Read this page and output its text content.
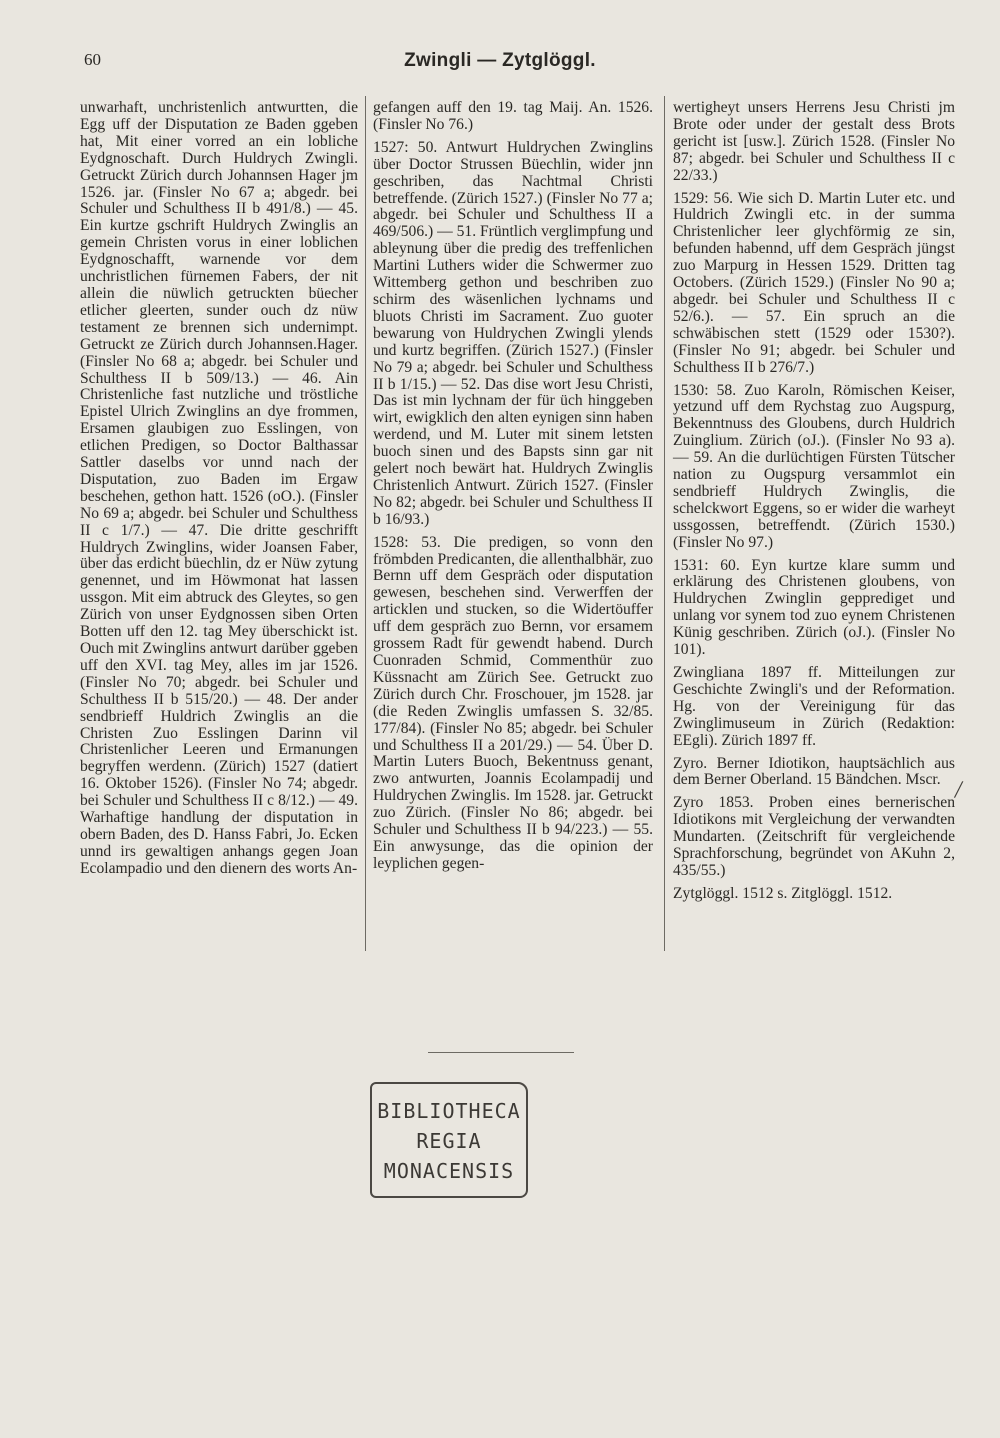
60	Zwingli — Zytglöggl.

unwarhaft, unchristenlich antwurtten, die Egg uff der Disputation ze Baden ggeben hat, Mit einer vorred an ein lobliche Eydgnoschaft. Durch Huldrych Zwingli. Getruckt Zürich durch Johannsen Hager jm 1526. jar. (Finsler No 67 a; abgedr. bei Schuler und Schulthess II b 491/8.) — 45. Ein kurtze gschrift Huldrych Zwinglis an gemein Christen vorus in einer loblichen Eydgnoschafft, warnende vor dem unchristlichen fürnemen Fabers, der nit allein die nüwlich getruckten büecher etlicher gleerten, sunder ouch dz nüw testament ze brennen sich undernimpt. Getruckt ze Zürich durch Johannsen.Hager. (Finsler No 68 a; abgedr. bei Schuler und Schulthess II b 509/13.) — 46. Ain Christenliche fast nutzliche und tröstliche Epistel Ulrich Zwinglins an dye frommen, Ersamen glaubigen zuo Esslingen, von etlichen Predigen, so Doctor Balthassar Sattler daselbs vor unnd nach der Disputation, zuo Baden im Ergaw beschehen, gethon hatt. 1526 (oO.). (Finsler No 69 a; abgedr. bei Schuler und Schulthess II c 1/7.) — 47. Die dritte geschrifft Huldrych Zwinglins, wider Joansen Faber, über das erdicht büechlin, dz er Nüw zytung genennet, und im Höwmonat hat lassen ussgon. Mit eim abtruck des Gleytes, so gen Zürich von unser Eydgnossen siben Orten Botten uff den 12. tag Mey überschickt ist. Ouch mit Zwinglins antwurt darüber ggeben uff den XVI. tag Mey, alles im jar 1526. (Finsler No 70; abgedr. bei Schuler und Schulthess II b 515/20.) — 48. Der ander sendbrieff Huldrich Zwinglis an die Christen Zuo Esslingen Darinn vil Christenlicher Leeren und Ermanungen begryffen werdenn. (Zürich) 1527 (datiert 16. Oktober 1526). (Finsler No 74; abgedr. bei Schuler und Schulthess II c 8/12.) — 49. Warhaftige handlung der disputation in obern Baden, des D. Hanss Fabri, Jo. Ecken unnd irs gewaltigen anhangs gegen Joan Ecolampadio und den dienern des worts An-

gefangen auff den 19. tag Maij. An. 1526. (Finsler No 76.)

1527: 50. Antwurt Huldrychen Zwinglins über Doctor Strussen Büechlin, wider jnn geschriben, das Nachtmal Christi betreffende. (Zürich 1527.) (Finsler No 77 a; abgedr. bei Schuler und Schulthess II a 469/506.) — 51. Früntlich verglimpfung und ableynung über die predig des treffenlichen Martini Luthers wider die Schwermer zuo Wittemberg gethon und beschriben zuo schirm des wäsenlichen lychnams und bluots Christi im Sacrament. Zuo guoter bewarung von Huldrychen Zwingli ylends und kurtz begriffen. (Zürich 1527.) (Finsler No 79 a; abgedr. bei Schuler und Schulthess II b 1/15.) — 52. Das dise wort Jesu Christi, Das ist min lychnam der für üch hinggeben wirt, ewigklich den alten eynigen sinn haben werdend, und M. Luter mit sinem letsten buoch sinen und des Bapsts sinn gar nit gelert noch bewärt hat. Huldrych Zwinglis Christenlich Antwurt. Zürich 1527. (Finsler No 82; abgedr. bei Schuler und Schulthess II b 16/93.)

1528: 53. Die predigen, so vonn den frömbden Predicanten, die allenthalbhär, zuo Bernn uff dem Gespräch oder disputation gewesen, beschehen sind. Verwerffen der articklen und stucken, so die Widertöuffer uff dem gespräch zuo Bernn, vor ersamem grossem Radt für gewendt habend. Durch Cuonraden Schmid, Commenthür zuo Küssnacht am Zürich See. Getruckt zuo Zürich durch Chr. Froschouer, jm 1528. jar (die Reden Zwinglis umfassen S. 32/85. 177/84). (Finsler No 85; abgedr. bei Schuler und Schulthess II a 201/29.) — 54. Über D. Martin Luters Buoch, Bekentnuss genant, zwo antwurten, Joannis Ecolampadij und Huldrychen Zwinglis. Im 1528. jar. Getruckt zuo Zürich. (Finsler No 86; abgedr. bei Schuler und Schulthess II b 94/223.) — 55. Ein anwysunge, das die opinion der leyplichen gegen-

wertigheyt unsers Herrens Jesu Christi jm Brote oder under der gestalt dess Brots gericht ist [usw.]. Zürich 1528. (Finsler No 87; abgedr. bei Schuler und Schulthess II c 22/33.)

1529: 56. Wie sich D. Martin Luter etc. und Huldrich Zwingli etc. in der summa Christenlicher leer glychförmig ze sin, befunden habennd, uff dem Gespräch jüngst zuo Marpurg in Hessen 1529. Dritten tag Octobers. (Zürich 1529.) (Finsler No 90 a; abgedr. bei Schuler und Schulthess II c 52/6.). — 57. Ein spruch an die schwäbischen stett (1529 oder 1530?). (Finsler No 91; abgedr. bei Schuler und Schulthess II b 276/7.)

1530: 58. Zuo Karoln, Römischen Keiser, yetzund uff dem Rychstag zuo Augspurg, Bekenntnuss des Gloubens, durch Huldrich Zuinglium. Zürich (oJ.). (Finsler No 93 a). — 59. An die durlüchtigen Fürsten Tütscher nation zu Ougspurg versammlot ein sendbrieff Huldrych Zwinglis, die schelckwort Eggens, so er wider die warheyt ussgossen, betreffendt. (Zürich 1530.) (Finsler No 97.)

1531: 60. Eyn kurtze klare summ und erklärung des Christenen gloubens, von Huldrychen Zwinglin gepprediget und unlang vor synem tod zuo eynem Christenen Künig geschriben. Zürich (oJ.). (Finsler No 101).

Zwingliana 1897 ff. Mitteilungen zur Geschichte Zwingli's und der Reformation. Hg. von der Vereinigung für das Zwinglimuseum in Zürich (Redaktion: EEgli). Zürich 1897 ff.

Zyro. Berner Idiotikon, hauptsächlich aus dem Berner Oberland. 15 Bändchen. Mscr.

Zyro 1853. Proben eines bernerischen Idiotikons mit Vergleichung der verwandten Mundarten. (Zeitschrift für vergleichende Sprachforschung, begründet von AKuhn 2, 435/55.)

Zytglöggl. 1512 s. Zitglöggl. 1512.

/
BIBLIOTHECA
REGIA
MONACENSIS
